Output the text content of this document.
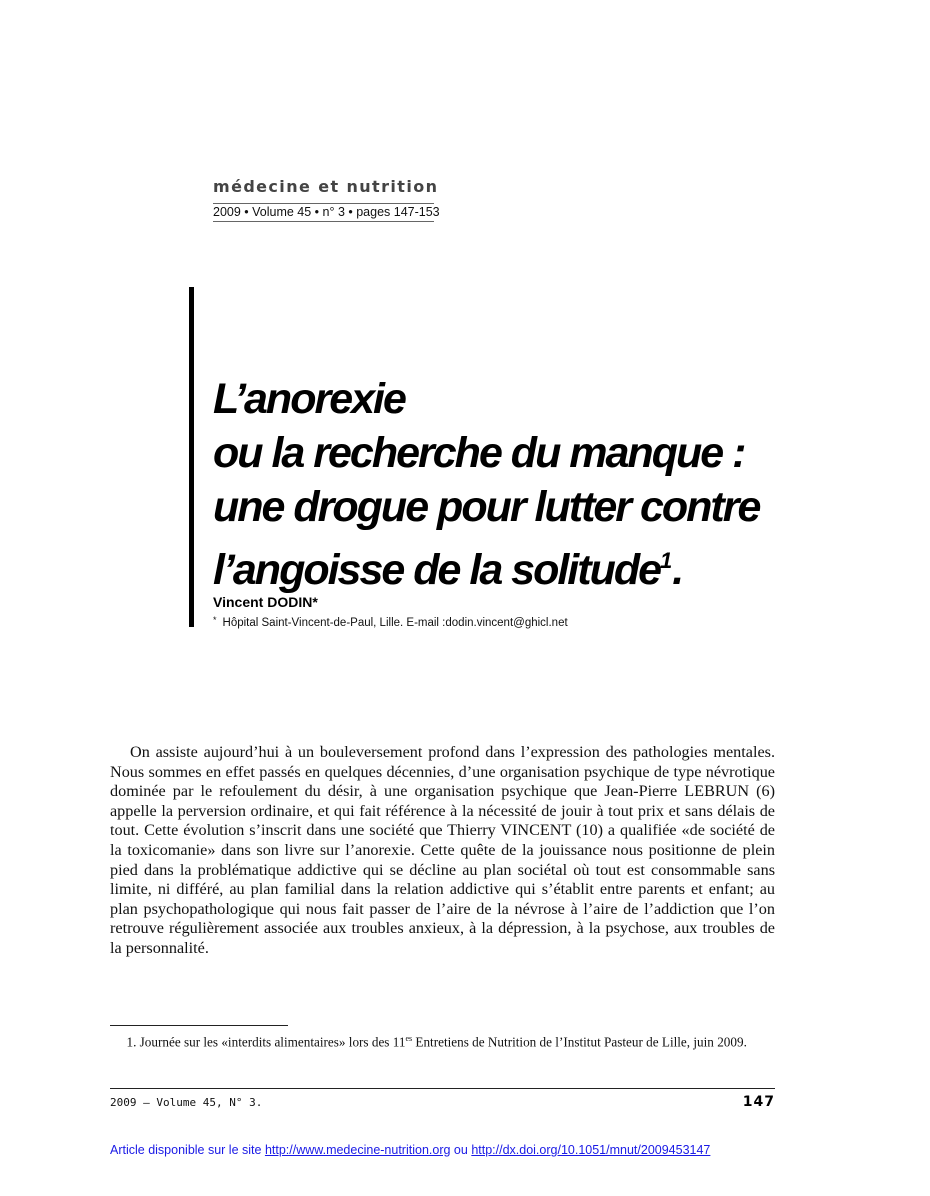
médecine et nutrition
2009 • Volume 45 • n° 3 • pages 147-153
L’anorexie
ou la recherche du manque :
une drogue pour lutter contre
l’angoisse de la solitude$^1$.
Vincent DODIN*
* Hôpital Saint-Vincent-de-Paul, Lille. E-mail :dodin.vincent@ghicl.net
On assiste aujourd’hui à un bouleversement profond dans l’expression des pathologies mentales. Nous sommes en effet passés en quelques décennies, d’une organisation psychique de type névrotique dominée par le refoulement du désir, à une organisation psychique que Jean-Pierre LEBRUN (6) appelle la perversion ordinaire, et qui fait référence à la nécessité de jouir à tout prix et sans délais de tout. Cette évolution s’inscrit dans une société que Thierry VINCENT (10) a qualifiée «de société de la toxicomanie» dans son livre sur l’anorexie. Cette quête de la jouissance nous positionne de plein pied dans la problématique addictive qui se décline au plan sociétal où tout est consommable sans limite, ni différé, au plan familial dans la relation addictive qui s’établit entre parents et enfant; au plan psychopathologique qui nous fait passer de l’aire de la névrose à l’aire de l’addiction que l’on retrouve régulièrement associée aux troubles anxieux, à la dépression, à la psychose, aux troubles de la personnalité.
1. Journée sur les «interdits alimentaires» lors des $11^{es}$ Entretiens de Nutrition de l’Institut Pasteur de Lille, juin 2009.
2009 – Volume 45, N° 3.	147
Article disponible sur le site http://www.medecine-nutrition.org ou http://dx.doi.org/10.1051/mnut/2009453147
